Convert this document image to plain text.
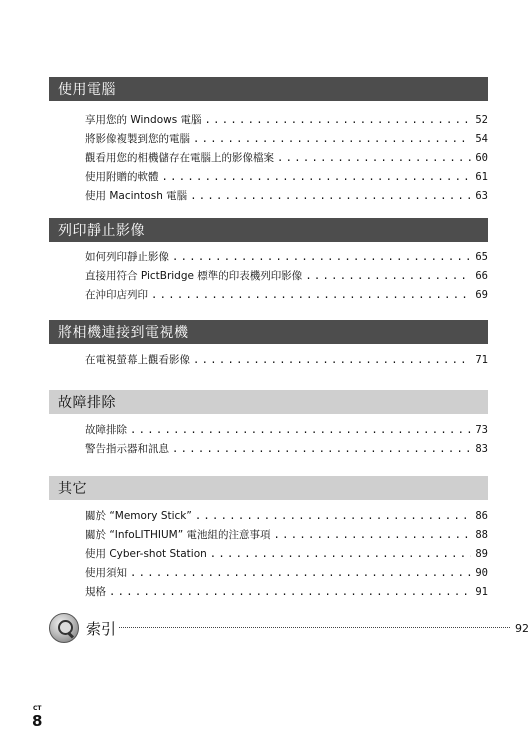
使用電腦
享用您的 Windows 電腦 .....	52
將影像複製到您的電腦 .....	54
觀看用您的相機儲存在電腦上的影像檔案 .....	60
使用附贈的軟體 .....	61
使用 Macintosh 電腦 .....	63
列印靜止影像
如何列印靜止影像 .....	65
直接用符合 PictBridge 標準的印表機列印影像 .....	66
在沖印店列印 .....	69
將相機連接到電視機
在電視螢幕上觀看影像 .....	71
故障排除
故障排除 .....	73
警告指示器和訊息 .....	83
其它
關於 “Memory Stick” .....	86
關於 “InfoLITHIUM” 電池組的注意事項 .....	88
使用 Cyber-shot Station .....	89
使用須知 .....	90
規格 .....	91
索引	92
CT
8
